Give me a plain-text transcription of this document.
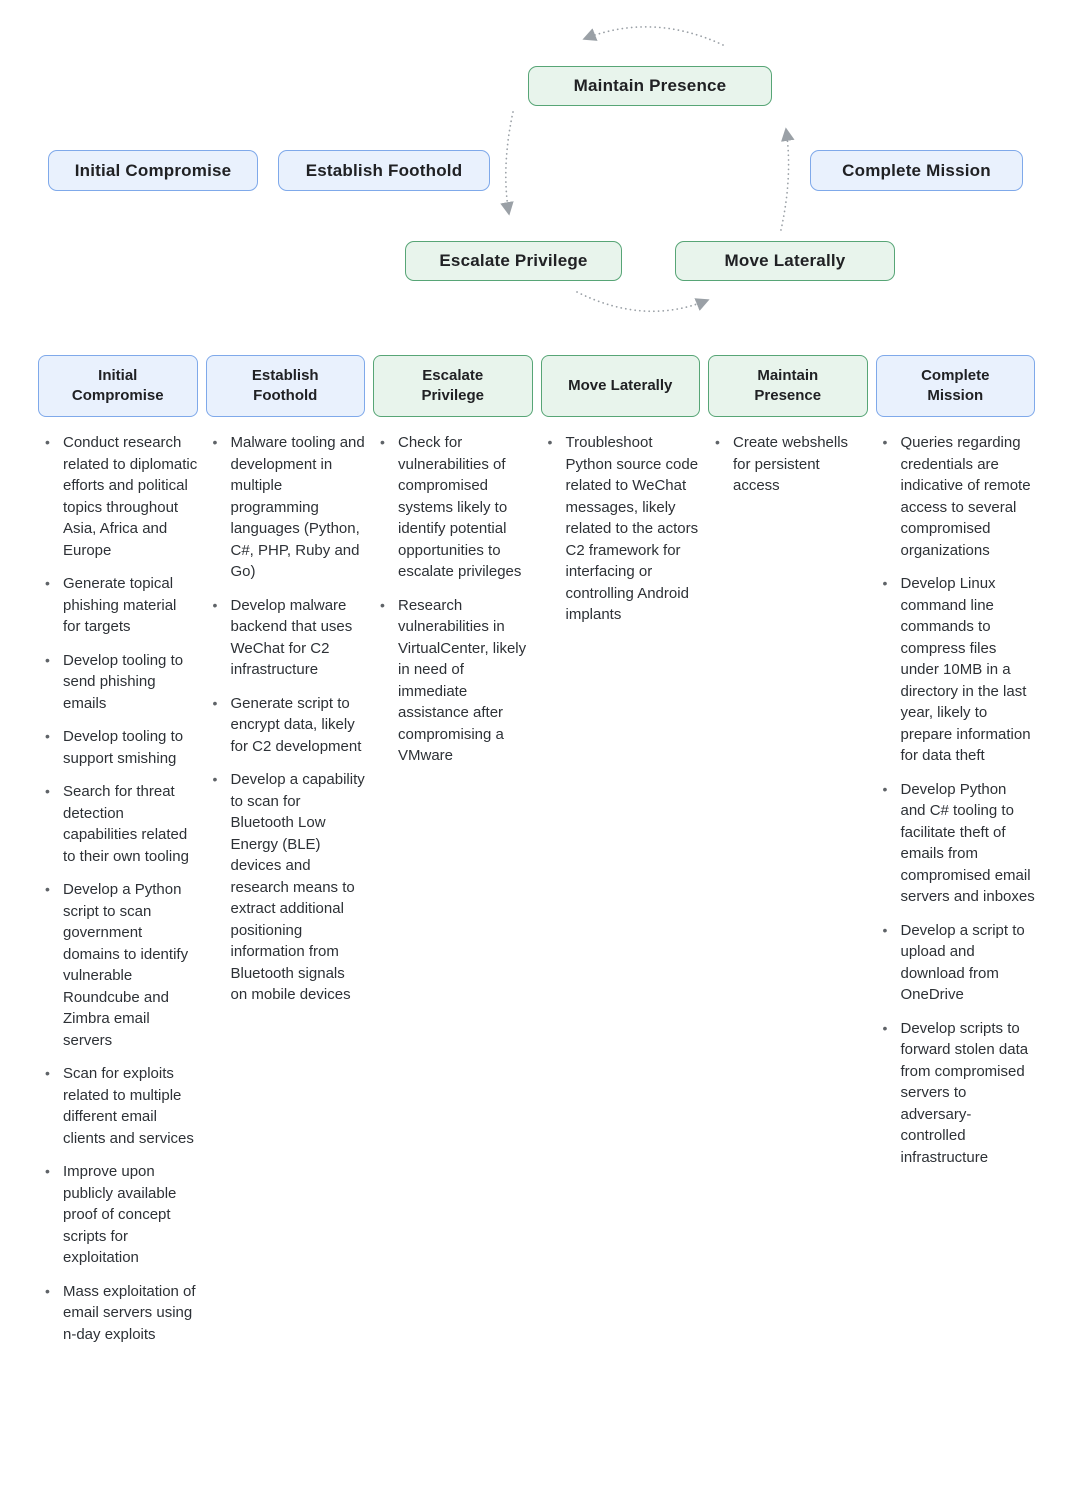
Maintain Presence
Initial Compromise	Establish Foothold	Complete Mission
Escalate Privilege	Move Laterally
Initial Compromise
• Conduct research related to diplomatic efforts and political topics throughout Asia, Africa and Europe
• Generate topical phishing material for targets
• Develop tooling to send phishing emails
• Develop tooling to support smishing
• Search for threat detection capabilities related to their own tooling
• Develop a Python script to scan government domains to identify vulnerable Roundcube and Zimbra email servers
• Scan for exploits related to multiple different email clients and services
• Improve upon publicly available proof of concept scripts for exploitation
• Mass exploitation of email servers using n-day exploits
Establish Foothold
• Malware tooling and development in multiple programming languages (Python, C#, PHP, Ruby and Go)
• Develop malware backend that uses WeChat for C2 infrastructure
• Generate script to encrypt data, likely for C2 development
• Develop a capability to scan for Bluetooth Low Energy (BLE) devices and research means to extract additional positioning information from Bluetooth signals on mobile devices
Escalate Privilege
• Check for vulnerabilities of compromised systems likely to identify potential opportunities to escalate privileges
• Research vulnerabilities in VirtualCenter, likely in need of immediate assistance after compromising a VMware
Move Laterally
• Troubleshoot Python source code related to WeChat messages, likely related to the actors C2 framework for interfacing or controlling Android implants
Maintain Presence
• Create webshells for persistent access
Complete Mission
• Queries regarding credentials are indicative of remote access to several compromised organizations
• Develop Linux command line commands to compress files under 10MB in a directory in the last year, likely to prepare information for data theft
• Develop Python and C# tooling to facilitate theft of emails from compromised email servers and inboxes
• Develop a script to upload and download from OneDrive
• Develop scripts to forward stolen data from compromised servers to adversary-controlled infrastructure
